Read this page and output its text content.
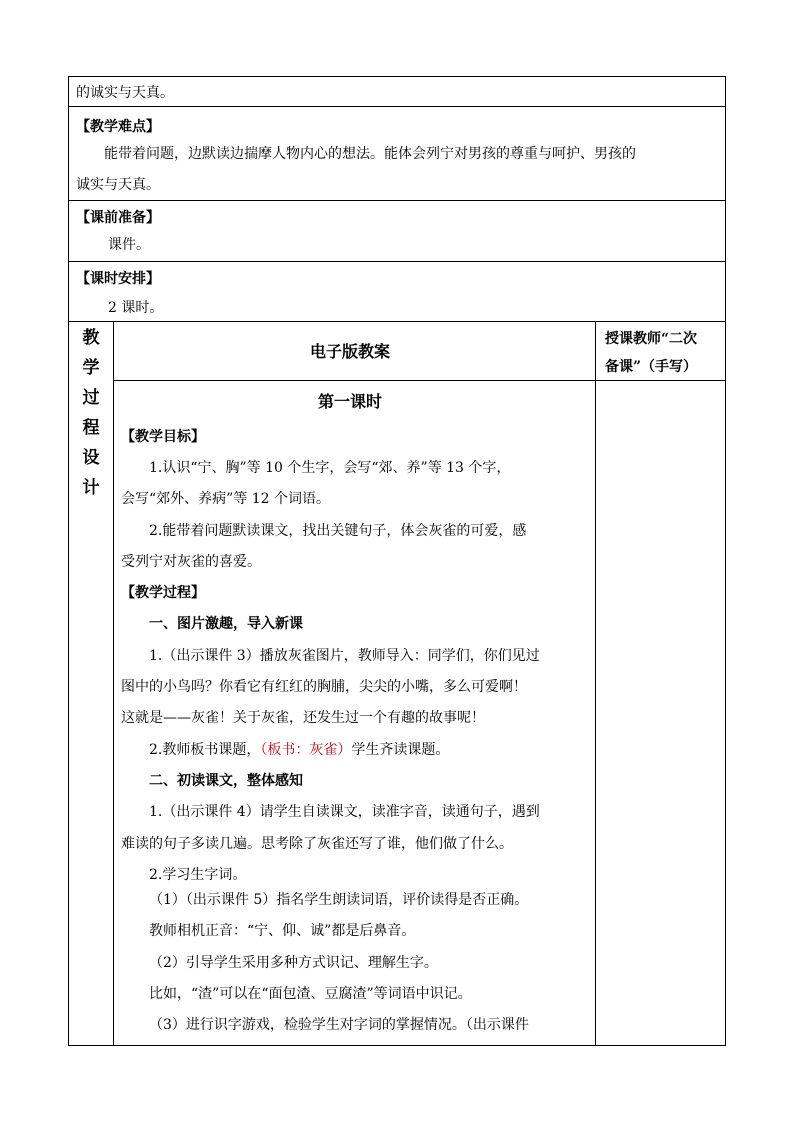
的诚实与天真。
【教学难点】
能带着问题，边默读边揣摩人物内心的想法。能体会列宁对男孩的尊重与呵护、男孩的
诚实与天真。
【课前准备】
课件。
【课时安排】
2 课时。
教
学
过
程
设
计
电子版教案
授课教师“二次
备课”（手写）
第一课时
【教学目标】
1.认识“宁、胸”等 10 个生字，会写“郊、养”等 13 个字，
会写“郊外、养病”等 12 个词语。
2.能带着问题默读课文，找出关键句子，体会灰雀的可爱，感
受列宁对灰雀的喜爱。
【教学过程】
一、图片激趣，导入新课
1.（出示课件 3）播放灰雀图片，教师导入：同学们，你们见过
图中的小鸟吗？你看它有红红的胸脯，尖尖的小嘴，多么可爱啊！
这就是——灰雀！关于灰雀，还发生过一个有趣的故事呢！
2.教师板书课题，（板书：灰雀）学生齐读课题。
二、初读课文，整体感知
1.（出示课件 4）请学生自读课文，读准字音，读通句子，遇到
难读的句子多读几遍。思考除了灰雀还写了谁，他们做了什么。
2.学习生字词。
（1）（出示课件 5）指名学生朗读词语，评价读得是否正确。
教师相机正音：“宁、仰、诚”都是后鼻音。
（2）引导学生采用多种方式识记、理解生字。
比如，“渣”可以在“面包渣、豆腐渣”等词语中识记。
（3）进行识字游戏，检验学生对字词的掌握情况。（出示课件
